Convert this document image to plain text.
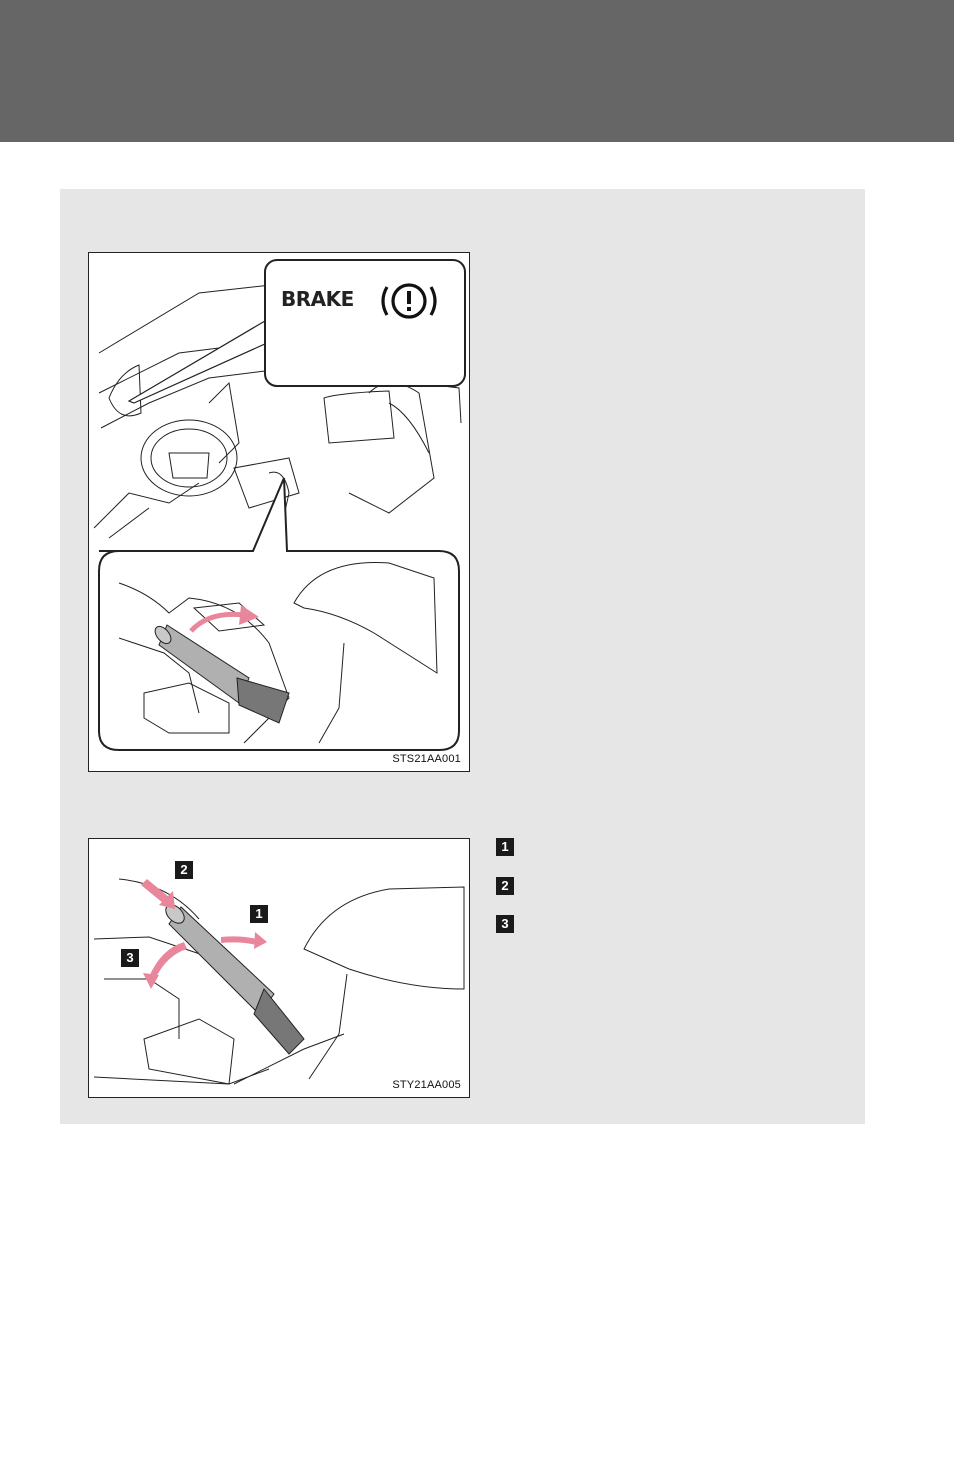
BRAKE
STS21AA001
2
1
3
STY21AA005
1
2
3
